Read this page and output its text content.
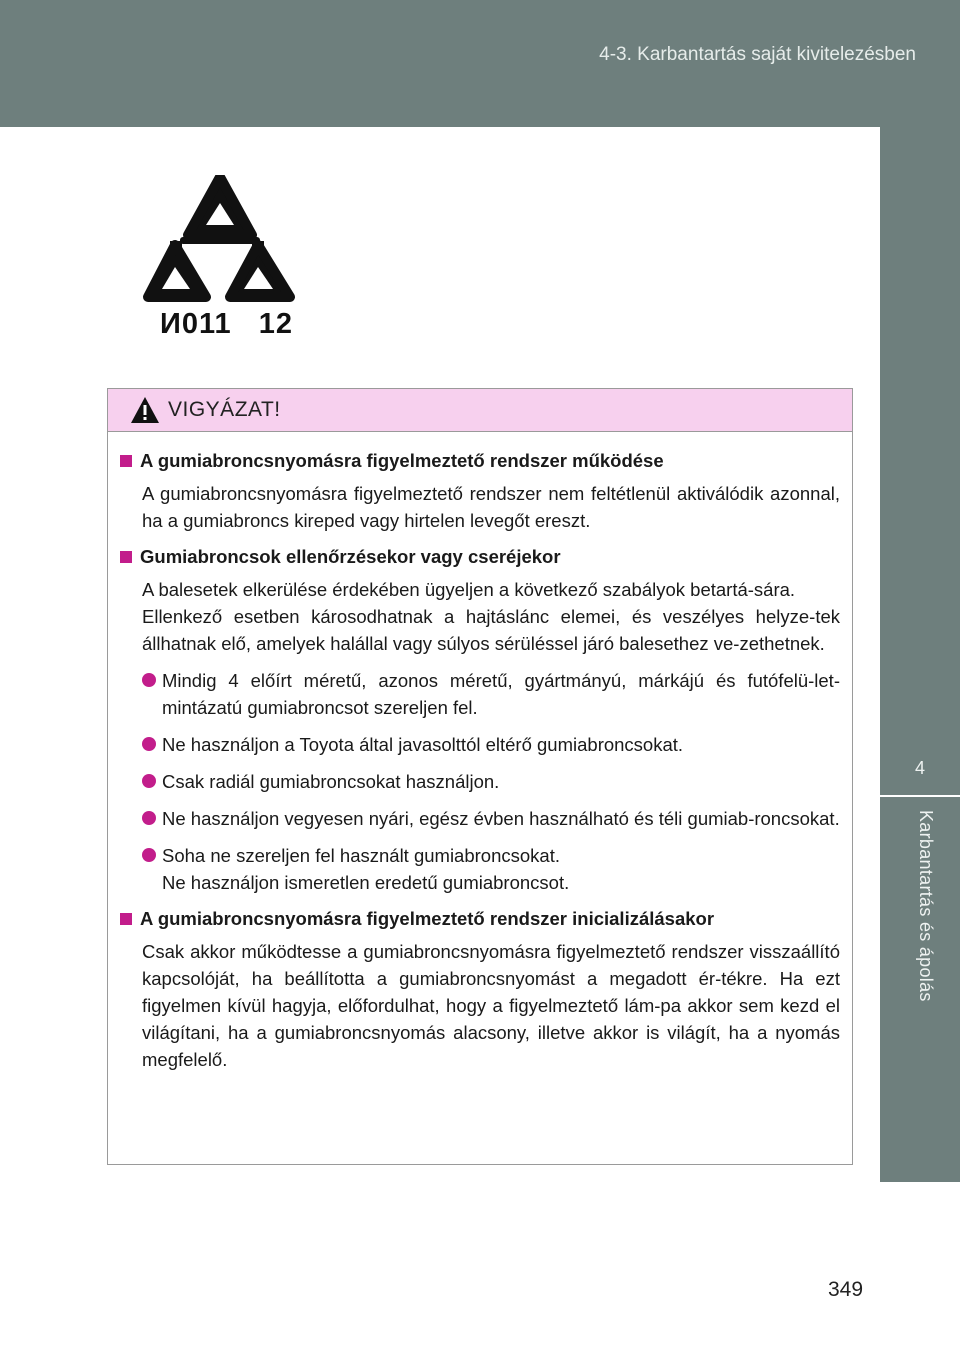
4-3. Karbantartás saját kivitelezésben
4
Karbantartás és ápolás
И011   12
VIGYÁZAT!
A gumiabroncsnyomásra figyelmeztető rendszer működése

A gumiabroncsnyomásra figyelmeztető rendszer nem feltétlenül aktiválódik azonnal, ha a gumiabroncs kireped vagy hirtelen levegőt ereszt.

Gumiabroncsok ellenőrzésekor vagy cseréjekor

A balesetek elkerülése érdekében ügyeljen a következő szabályok betartá-sára.

Ellenkező esetben károsodhatnak a hajtáslánc elemei, és veszélyes helyze-tek állhatnak elő, amelyek halállal vagy súlyos sérüléssel járó balesethez ve-zethetnek.

Mindig 4 előírt méretű, azonos méretű, gyártmányú, márkájú és futófelü-let-mintázatú gumiabroncsot szereljen fel.
Ne használjon a Toyota által javasolttól eltérő gumiabroncsokat.
Csak radiál gumiabroncsokat használjon.
Ne használjon vegyesen nyári, egész évben használható és téli gumiab-roncsokat.
Soha ne szereljen fel használt gumiabroncsokat.
Ne használjon ismeretlen eredetű gumiabroncsot.
A gumiabroncsnyomásra figyelmeztető rendszer inicializálásakor

Csak akkor működtesse a gumiabroncsnyomásra figyelmeztető rendszer visszaállító kapcsolóját, ha beállította a gumiabroncsnyomást a megadott ér-tékre. Ha ezt figyelmen kívül hagyja, előfordulhat, hogy a figyelmeztető lám-pa akkor sem kezd el világítani, ha a gumiabroncsnyomás alacsony, illetve akkor is világít, ha a nyomás megfelelő.

349
